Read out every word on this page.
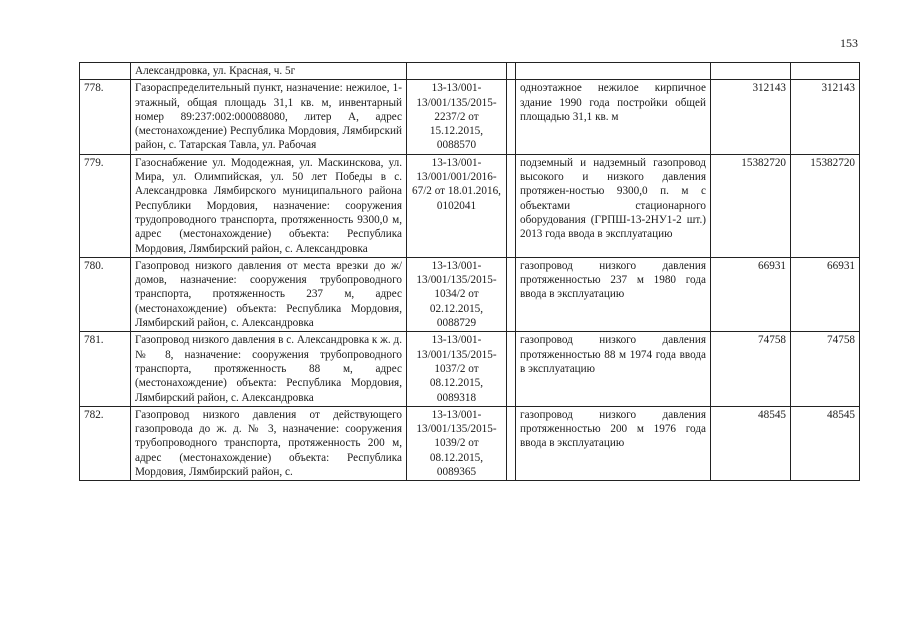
153
	Александровка, ул. Красная, ч. 5г					
778.	Газораспределительный пункт, назначение: нежилое, 1-этажный, общая площадь 31,1 кв. м, инвентарный номер 89:237:002:000088080, литер А, адрес (местонахождение) Республика Мордовия, Лямбирский район, с. Татарская Тавла, ул. Рабочая	13-13/001-13/001/135/2015-2237/2 от 15.12.2015, 0088570		одноэтажное нежилое кирпичное здание 1990 года постройки общей площадью 31,1 кв. м	312143	312143
779.	Газоснабжение ул. Мододежная, ул. Маскинскова, ул. Мира, ул. Олимпийская, ул. 50 лет Победы в с. Александровка Лямбирского муниципального района Республики Мордовия, назначение: сооружения трудопроводного транспорта, протяженность 9300,0 м, адрес (местонахождение) объекта: Республика Мордовия, Лямбирский район, с. Александровка	13-13/001-13/001/001/2016-67/2 от 18.01.2016, 0102041		подземный и надземный газопровод высокого и низкого давления протяжен-ностью 9300,0 п. м с объектами стационарного оборудования (ГРПШ-13-2НУ1-2 шт.) 2013 года ввода в эксплуатацию	15382720	15382720
780.	Газопровод низкого давления от места врезки до ж/домов, назначение: сооружения трубопроводного транспорта, протяженность 237 м, адрес (местонахождение) объекта: Республика Мордовия, Лямбирский район, с. Александровка	13-13/001-13/001/135/2015-1034/2 от 02.12.2015, 0088729		газопровод низкого давления протяженностью 237 м 1980 года ввода в эксплуатацию	66931	66931
781.	Газопровод низкого давления в с. Александровка к ж. д. № 8, назначение: сооружения трубопроводного транспорта, протяженность 88 м, адрес (местонахождение) объекта: Республика Мордовия, Лямбирский район, с. Александровка	13-13/001-13/001/135/2015-1037/2 от 08.12.2015, 0089318		газопровод низкого давления протяженностью 88 м 1974 года ввода в эксплуатацию	74758	74758
782.	Газопровод низкого давления от действующего газопровода до ж. д. № 3, назначение: сооружения трубопроводного транспорта, протяженность 200 м, адрес (местонахождение) объекта: Республика Мордовия, Лямбирский район, с.	13-13/001-13/001/135/2015-1039/2 от 08.12.2015, 0089365		газопровод низкого давления протяженностью 200 м 1976 года ввода в эксплуатацию	48545	48545
